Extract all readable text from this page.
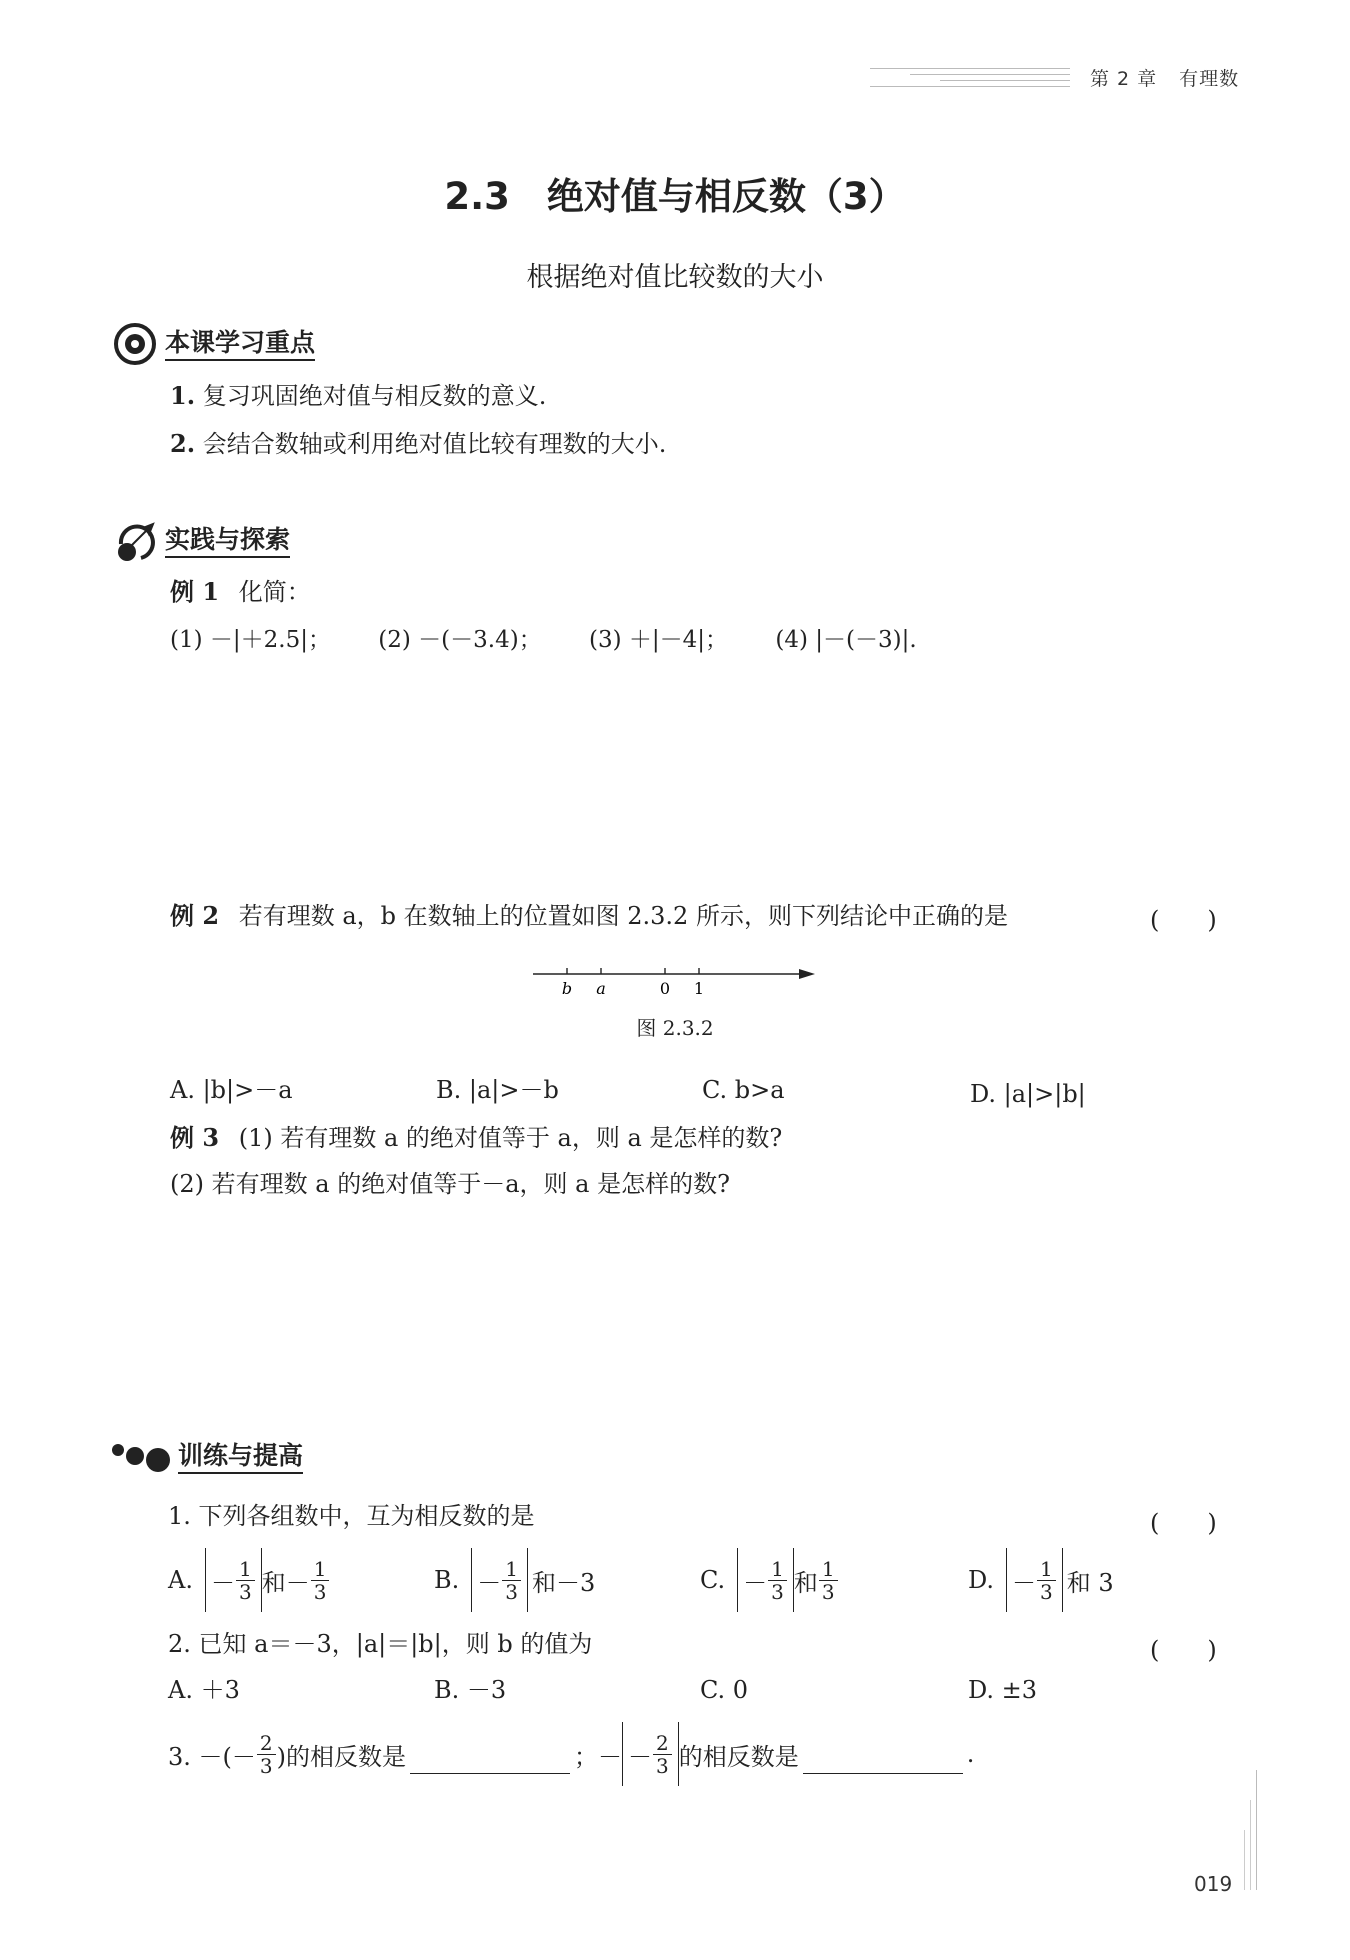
第 2 章 有理数
2.3　绝对值与相反数（3）
根据绝对值比较数的大小
本课学习重点
1. 复习巩固绝对值与相反数的意义.
2. 会结合数轴或利用绝对值比较有理数的大小.
实践与探索
例 1 化简：
(1) －|＋2.5|； (2) －(－3.4)； (3) ＋|－4|； (4) |－(－3)|.
例 2 若有理数 a，b 在数轴上的位置如图 2.3.2 所示，则下列结论中正确的是	(　　)
b a	0 1
图 2.3.2
A. |b|>－a	B. |a|>－b	C. b>a	D. |a|>|b|
例 3 (1) 若有理数 a 的绝对值等于 a，则 a 是怎样的数?
(2) 若有理数 a 的绝对值等于－a，则 a 是怎样的数?
训练与提高
1. 下列各组数中，互为相反数的是	(　　)
A. － $\frac{1}{3}$ 和－ $\frac{1}{3}$	B. － $\frac{1}{3}$ 和－3	C. － $\frac{1}{3}$ 和 $\frac{1}{3}$	D. － $\frac{1}{3}$ 和 3
2. 已知 a＝－3，|a|＝|b|，则 b 的值为	(　　)
A. ＋3	B. －3	C. 0	D. ±3
3. －(－ $\frac{2}{3}$ )的相反数是	；－ － $\frac{2}{3}$ 的相反数是	.
019
